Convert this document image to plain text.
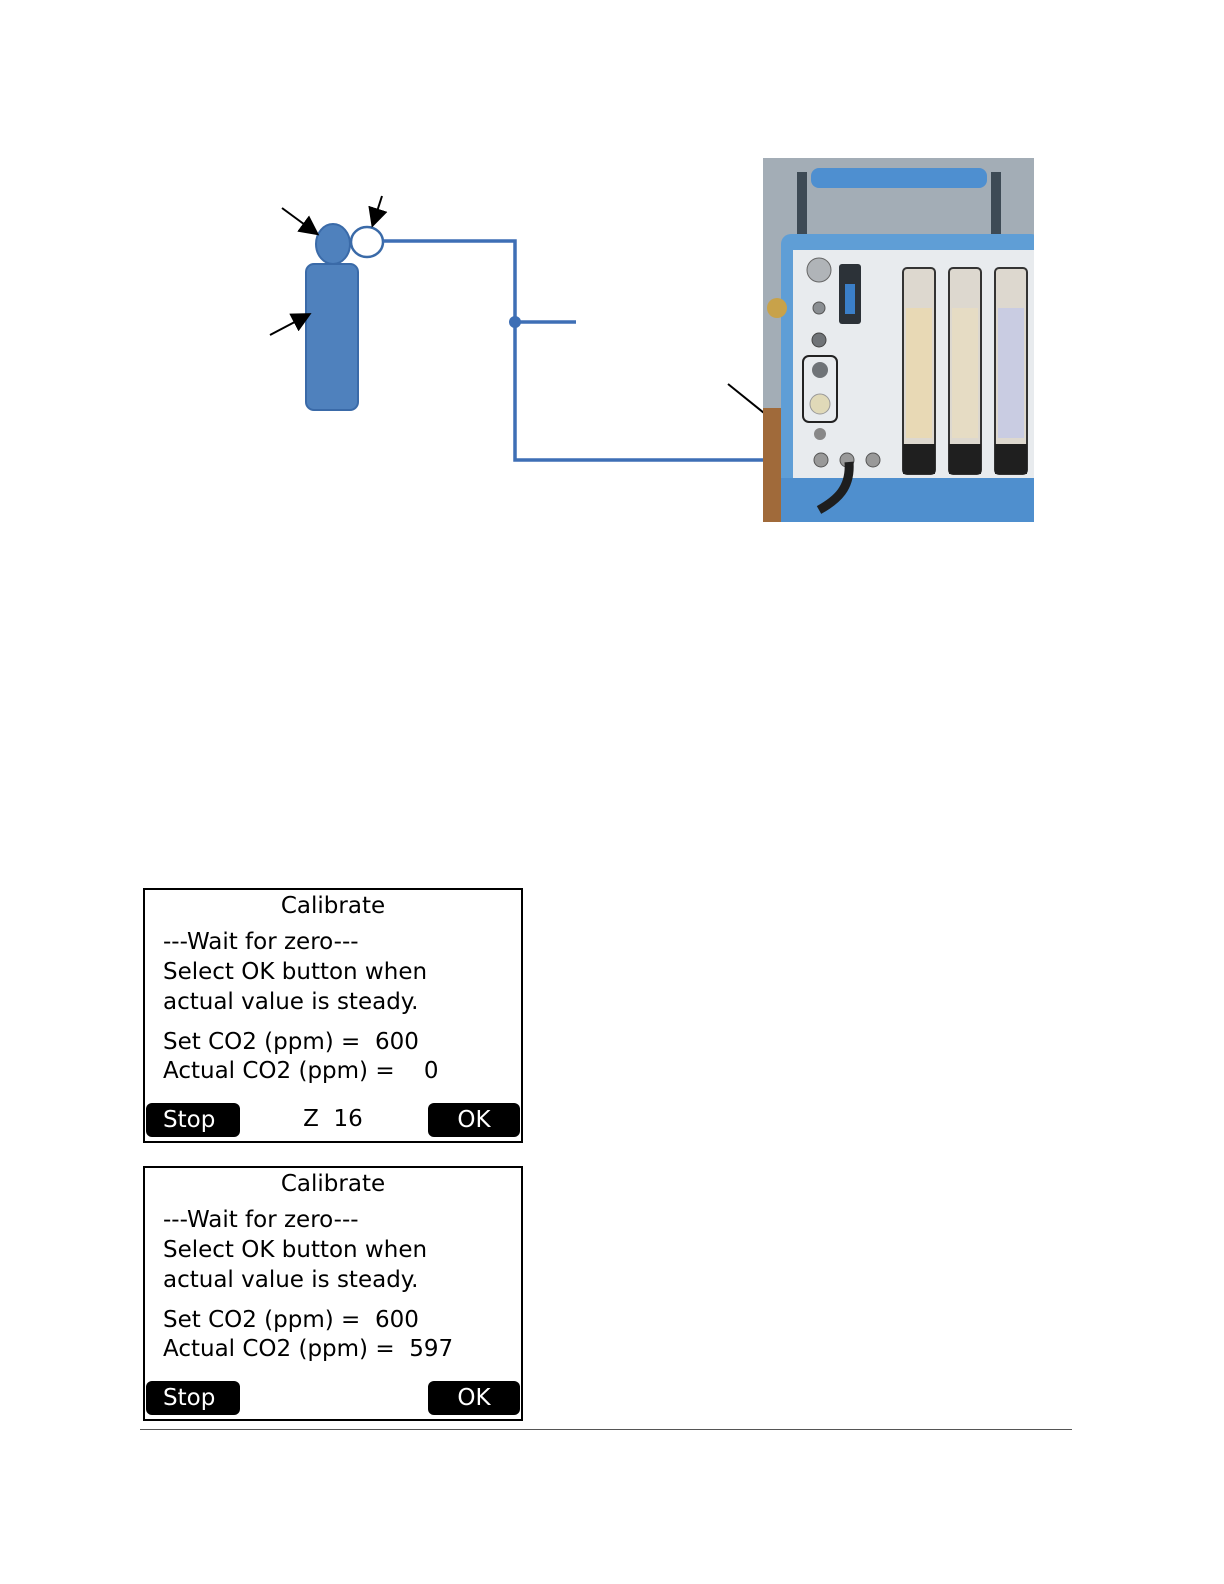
Calibrate
---Wait for zero---
Select OK button when
actual value is steady.
Set CO2 (ppm) =  600
Actual CO2 (ppm) =    0
Stop	Z  16	OK
Calibrate
---Wait for zero---
Select OK button when
actual value is steady.
Set CO2 (ppm) =  600
Actual CO2 (ppm) =  597
Stop	OK
